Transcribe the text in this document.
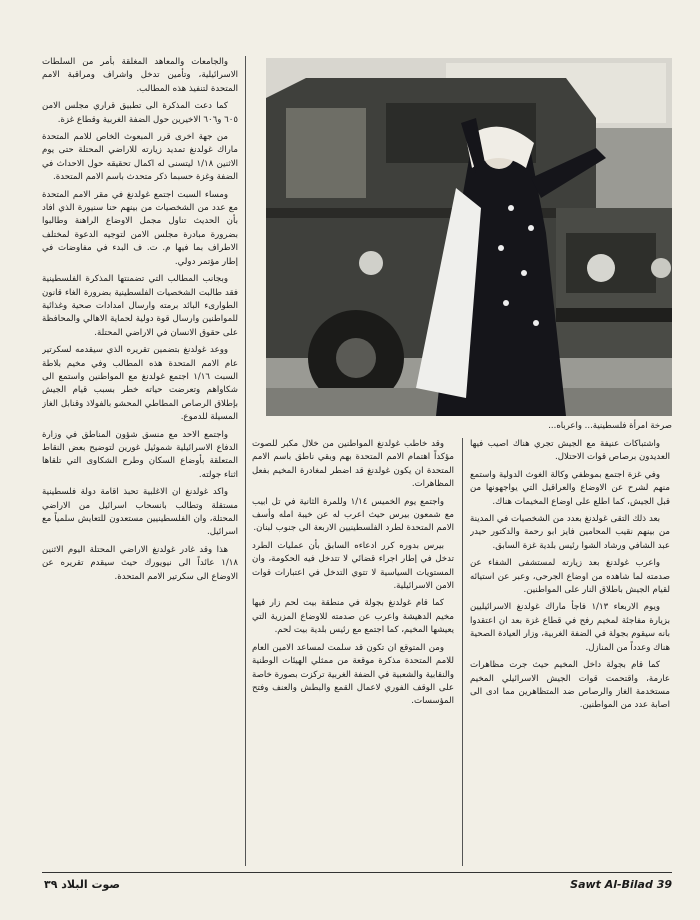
والجامعات والمعاهد المغلقة بأمر من السلطات الاسرائيلية، وتأمين تدخل واشراف ومراقبة الامم المتحدة لتنفيذ هذه المطالب.

كما دعت المذكرة الى تطبيق قراري مجلس الامن ٦٠٥ و٦٠٦ الاخيرين حول الضفة الغربية وقطاع غزة.

من جهة اخرى قرر المبعوث الخاص للامم المتحدة ماراك غولدنغ تمديد زيارته للاراضي المحتلة حتى يوم الاثنين ١/١٨ ليتسنى له اكمال تحقيقه حول الاحداث في الضفة وغزة حسبما ذكر متحدث باسم الامم المتحدة.

ومساء السبت اجتمع غولدنغ في مقر الامم المتحدة مع عدد من الشخصيات من بينهم حنا سنيورة الذي افاد بأن الحديث تناول مجمل الاوضاع الراهنة وطالبوا بضرورة مبادرة مجلس الامن لتوجيه الدعوة لمختلف الاطراف بما فيها م. ت. ف البدء في مفاوضات في إطار مؤتمر دولي.

وبجانب المطالب التي تضمنتها المذكرة الفلسطينية فقد طالبت الشخصيات الفلسطينية بضرورة الغاء قانون الطوارىء البائد برمته وارسال امدادات صحية وغذائية للمواطنين وارسال قوة دولية لحماية الاهالي والمحافظة على حقوق الانسان في الاراضي المحتلة.

ووعد غولدنغ بتضمين تقريره الذي سيقدمه لسكرتير عام الامم المتحدة هذه المطالب وفي مخيم بلاطة السبت ١/١٦ اجتمع غولدنغ مع المواطنين واستمع الى شكاواهم وتعرضت حياته خطر بسبب قيام الجيش بإطلاق الرصاص المطاطي المحشو بالفولاذ وقنابل الغاز المسيلة للدموع.

واجتمع الاحد مع منسق شؤون المناطق في وزارة الدفاع الاسرائيلية شموئيل غورين لتوضيح بعض النقاط المتعلقة بأوضاع السكان وطرح الشكاوى التي تلقاها اثناء جولته.

واكد غولدنغ ان الاغلبية تحبذ اقامة دولة فلسطينية مستقلة وتطالب بانسحاب اسرائيل من الاراضي المحتلة، وان الفلسطينيين مستعدون للتعايش سلمياً مع اسرائيل.

هذا وقد غادر غولدنغ الاراضي المحتلة اليوم الاثنين ١/١٨ عائداً الى نيويورك حيث سيقدم تقريره عن الاوضاع الى سكرتير الامم المتحدة.

صرخة امرأة فلسطينية... واعرباه...

وقد خاطب غولدنغ المواطنين من خلال مكبر للصوت مؤكداً اهتمام الامم المتحدة بهم وبقي ناطق باسم الامم المتحدة ان يكون غولدنغ قد اضطر لمغادرة المخيم بفعل المظاهرات.

واجتمع يوم الخميس ١/١٤ وللمرة الثانية في تل ابيب مع شمعون بيرس حيث اعرب له عن خيبة امله وأسف الامم المتحدة لطرد الفلسطينيين الاربعة الى جنوب لبنان.

بيرس بدوره كرر ادعاءه السابق بأن عمليات الطرد تدخل في إطار اجراء قضائي لا تتدخل فيه الحكومة، وان المستويات السياسية لا تتوي التدخل في اعتبارات قوات الامن الاسرائيلية.

كما قام غولدنغ بجولة في منطقة بيت لحم زار فيها مخيم الدهيشة واعرب عن صدمته للاوضاع المزرية التي يعيشها المخيم، كما اجتمع مع رئيس بلدية بيت لحم.

ومن المتوقع ان تكون قد سلمت لمساعد الامين العام للامم المتحدة مذكرة موقعة من ممثلي الهيئات الوطنية والنقابية والشعبية في الضفة الغربية تركزت بصورة خاصة على الوقف الفوري لاعمال القمع والبطش والعنف وفتح المؤسسات.

واشتباكات عنيفة مع الجيش تجري هناك اصيب فيها العديدون برصاص قوات الاحتلال.

وفي غزة اجتمع بموظفي وكالة الغوث الدولية واستمع منهم لشرح عن الاوضاع والعراقيل التي يواجهونها من قبل الجيش، كما اطلع على اوضاع المخيمات هناك.

بعد ذلك التقى غولدنغ بعدد من الشخصيات في المدينة من بينهم نقيب المحامين فايز ابو رحمة والدكتور حيدر عبد الشافي ورشاد الشوا رئيس بلدية غزة السابق.

واعرب غولدنغ بعد زيارته لمستشفى الشفاء عن صدمته لما شاهده من اوضاع الجرحى، وعبر عن استيائه لقيام الجيش باطلاق النار على المواطنين.

ويوم الاربعاء ١/١٣ فاجأ ماراك غولدنغ الاسرائيليين بزيارة مفاجئة لمخيم رفح في قطاع غزة بعد ان اعتقدوا بانه سيقوم بجولة في الضفة الغربية، وزار العيادة الصحية هناك وعدداً من المنازل.

كما قام بجولة داخل المخيم حيث جرت مظاهرات عارمة، واقتحمت قوات الجيش الاسرائيلي المخيم مستخدمة الغاز والرصاص ضد المتظاهرين مما ادى الى اصابة عدد من المواطنين.

صوت البلاد ٣٩	Sawt Al-Bilad 39
